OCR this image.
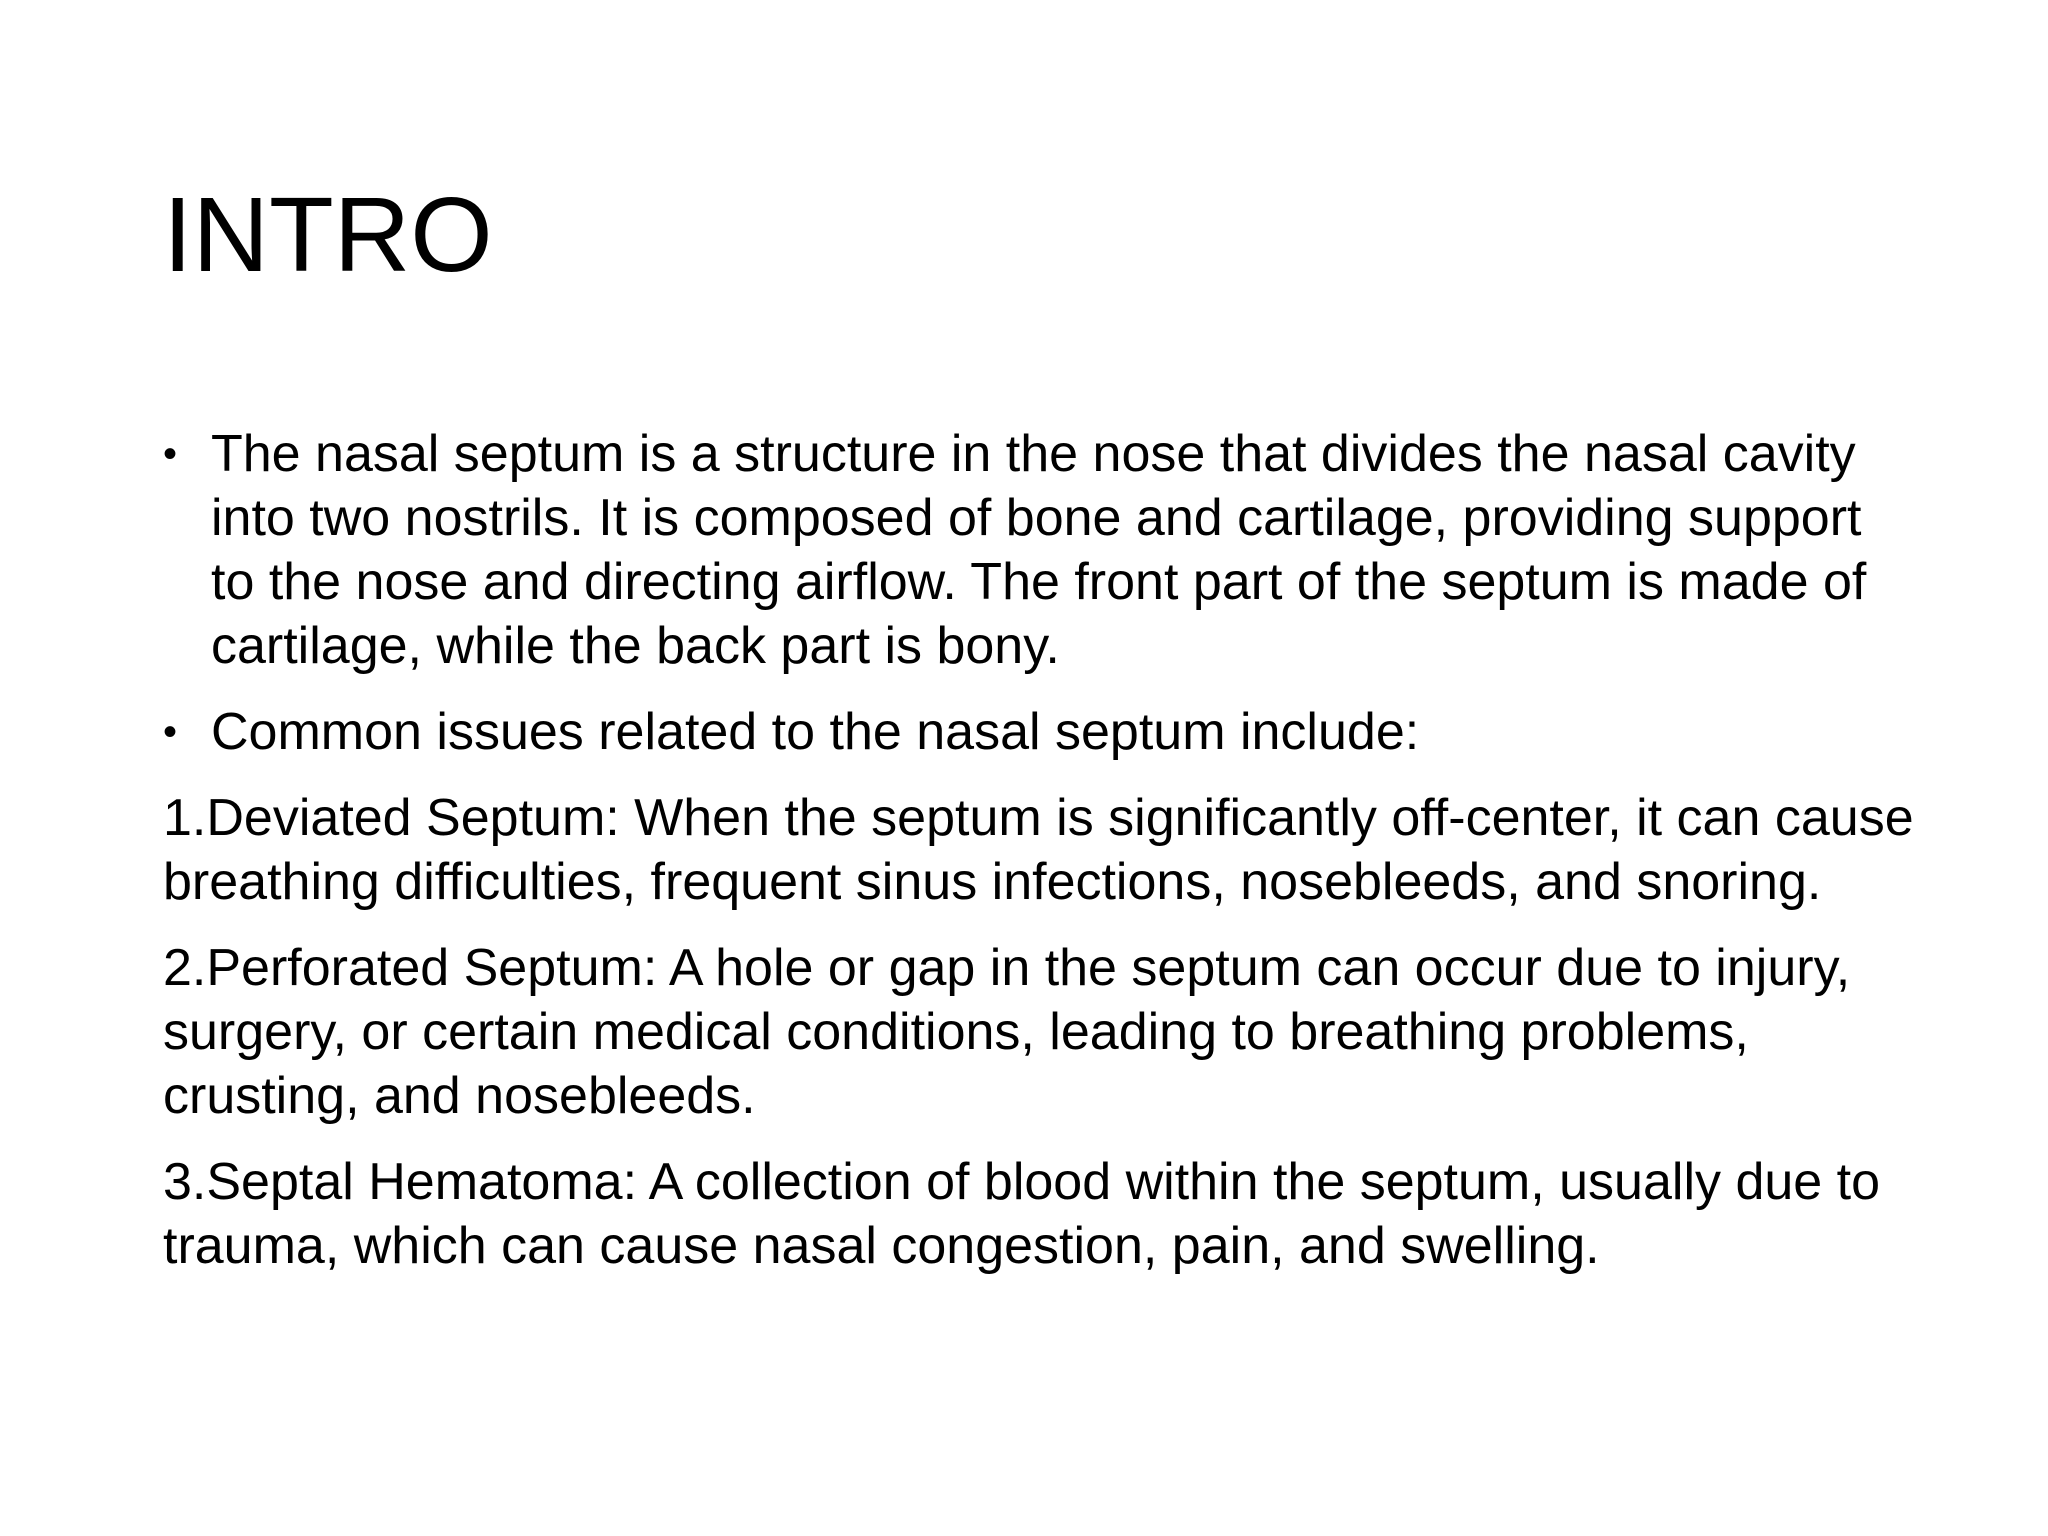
INTRO
• The nasal septum is a structure in the nose that divides the nasal cavity into two nostrils. It is composed of bone and cartilage, providing support to the nose and directing airflow. The front part of the septum is made of cartilage, while the back part is bony.
• Common issues related to the nasal septum include:
1.Deviated Septum: When the septum is significantly off-center, it can cause breathing difficulties, frequent sinus infections, nosebleeds, and snoring.
2.Perforated Septum: A hole or gap in the septum can occur due to injury, surgery, or certain medical conditions, leading to breathing problems, crusting, and nosebleeds.
3.Septal Hematoma: A collection of blood within the septum, usually due to trauma, which can cause nasal congestion, pain, and swelling.
